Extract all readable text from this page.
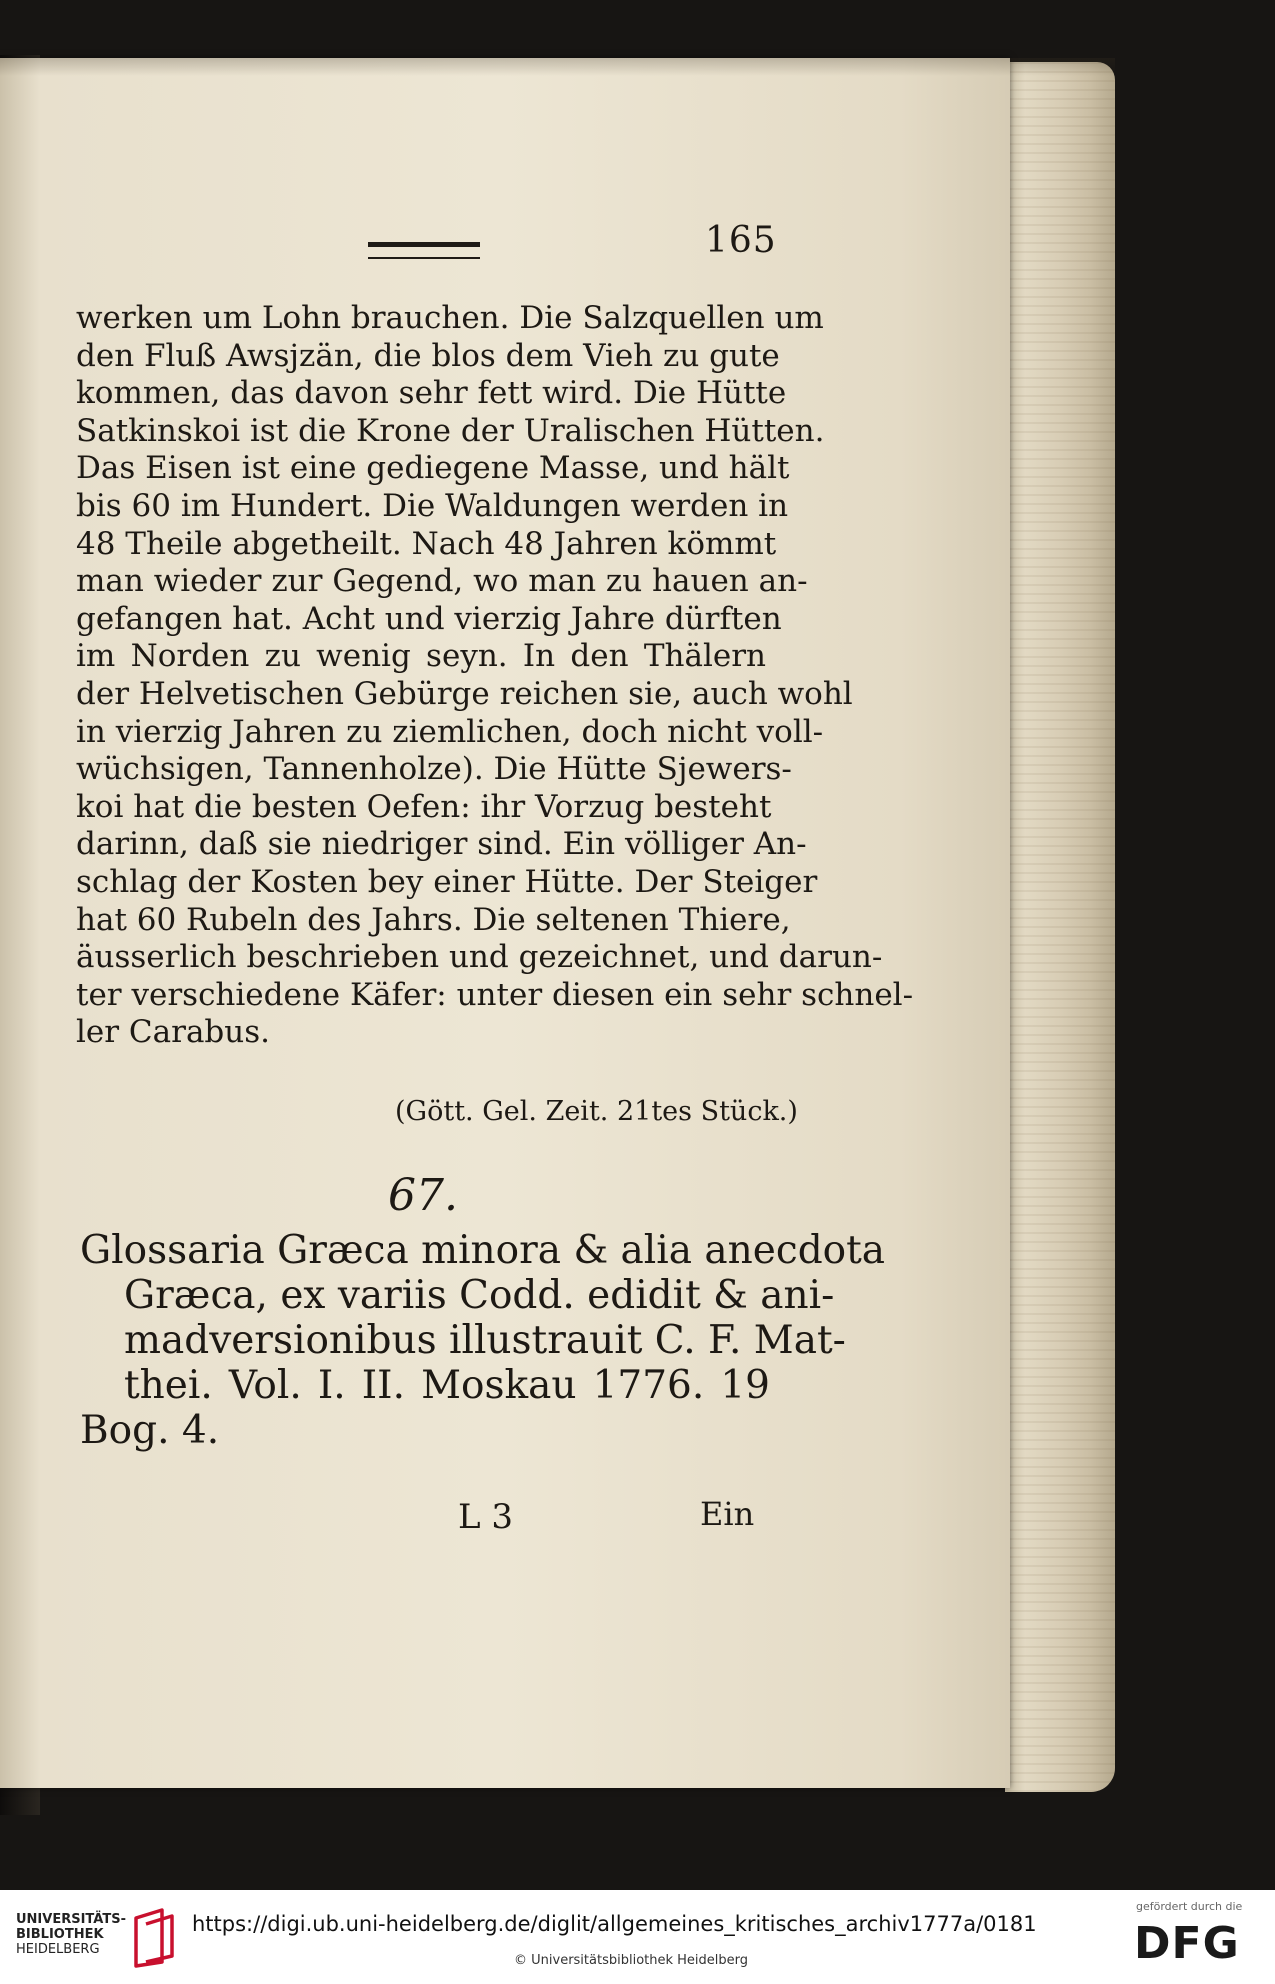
165
werken um Lohn brauchen. Die Salzquellen um
den Fluß Awsjzän, die blos dem Vieh zu gute
kommen, das davon sehr fett wird. Die Hütte
Satkinskoi ist die Krone der Uralischen Hütten.
Das Eisen ist eine gediegene Masse, und hält
bis 60 im Hundert. Die Waldungen werden in
48 Theile abgetheilt. Nach 48 Jahren kömmt
man wieder zur Gegend, wo man zu hauen an-
gefangen hat. Acht und vierzig Jahre dürften
im Norden zu wenig seyn. In den Thälern
der Helvetischen Gebürge reichen sie, auch wohl
in vierzig Jahren zu ziemlichen, doch nicht voll-
wüchsigen, Tannenholze). Die Hütte Sjewers-
koi hat die besten Oefen: ihr Vorzug besteht
darinn, daß sie niedriger sind. Ein völliger An-
schlag der Kosten bey einer Hütte. Der Steiger
hat 60 Rubeln des Jahrs. Die seltenen Thiere,
äusserlich beschrieben und gezeichnet, und darun-
ter verschiedene Käfer: unter diesen ein sehr schnel-
ler Carabus.
(Gött. Gel. Zeit. 21tes Stück.)
67.
Glossaria Græca minora & alia anecdota
Græca, ex variis Codd. edidit & ani-
madversionibus illustrauit C. F. Mat-
thei. Vol. I. II. Moskau 1776. 19
Bog. 4.
L 3	Ein
UNIVERSITÄTS-
BIBLIOTHEK
HEIDELBERG
https://digi.ub.uni-heidelberg.de/diglit/allgemeines_kritisches_archiv1777a/0181
© Universitätsbibliothek Heidelberg
gefördert durch die
DFG
